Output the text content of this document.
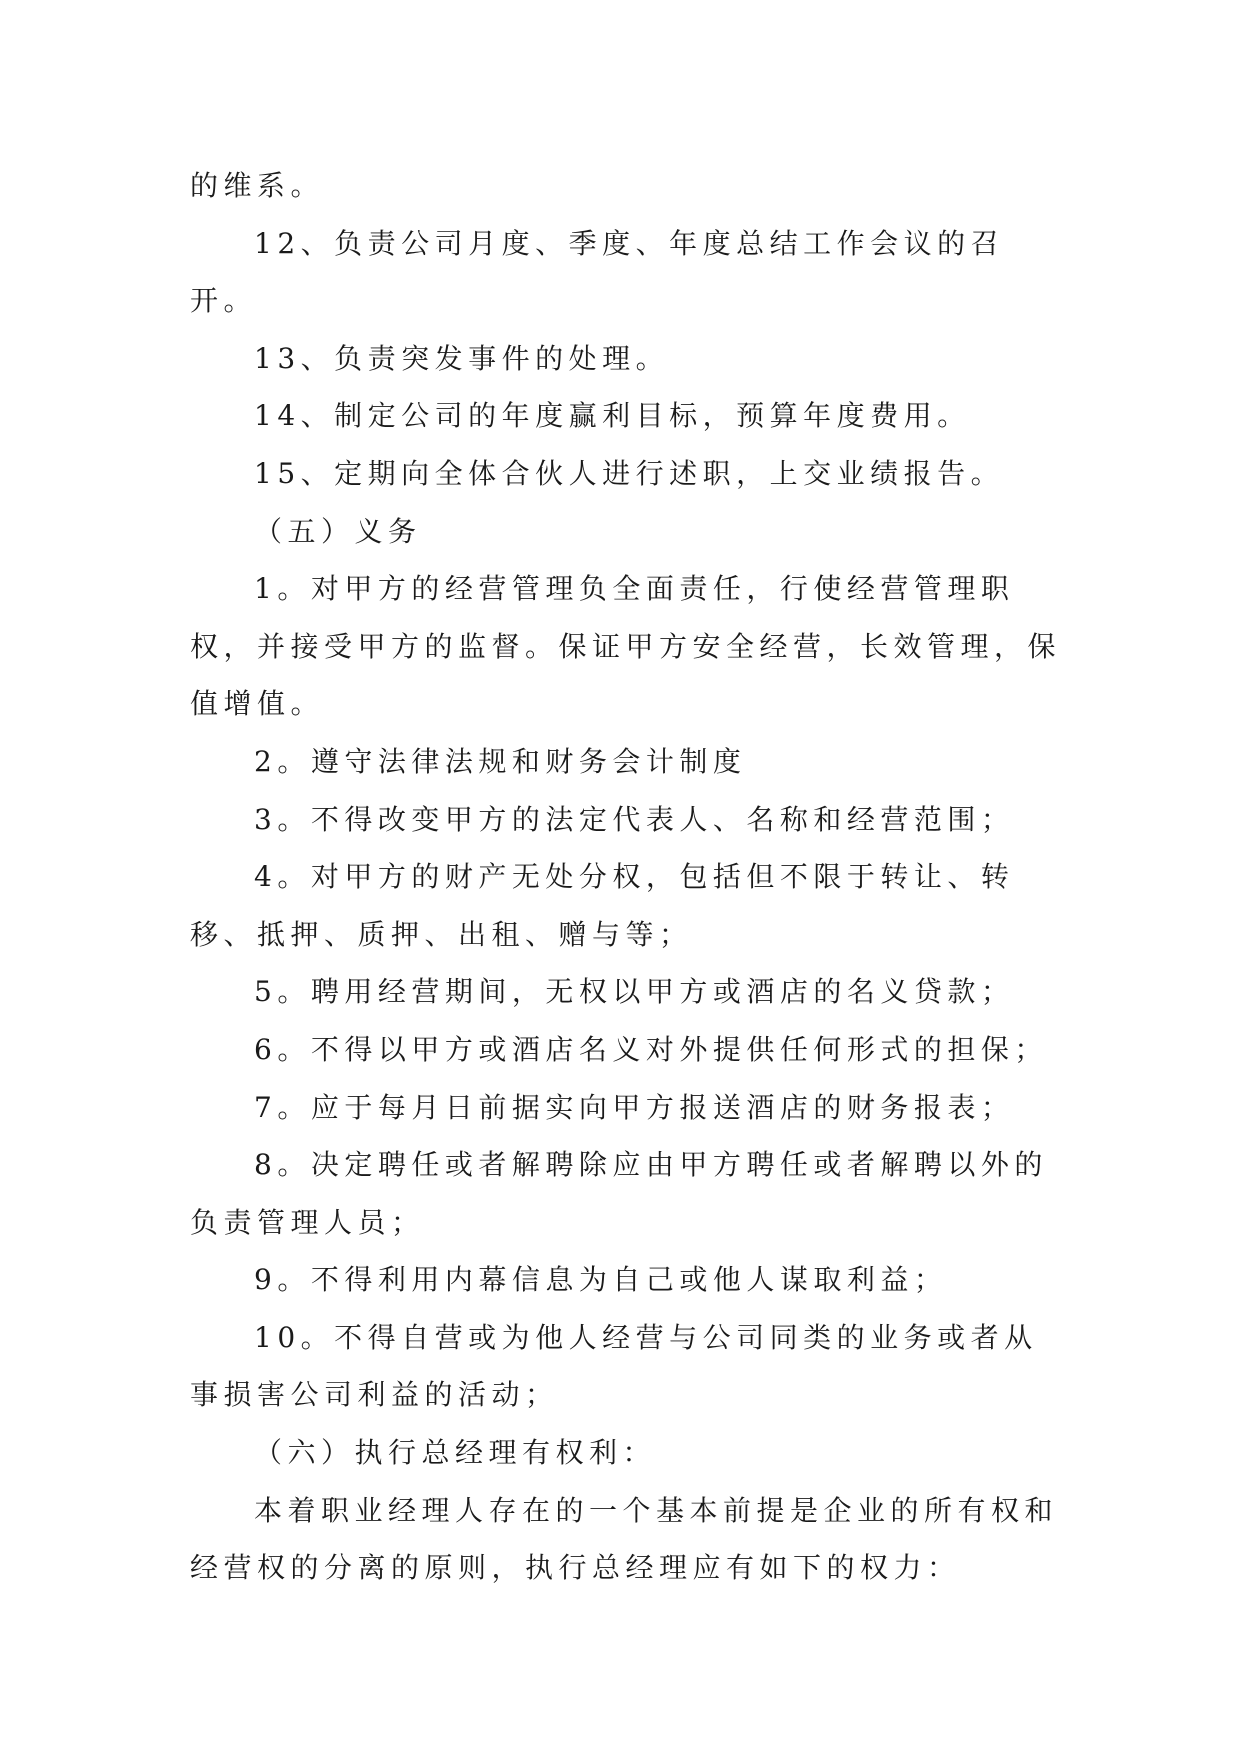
的维系。

12、负责公司月度、季度、年度总结工作会议的召开。

13、负责突发事件的处理。

14、制定公司的年度赢利目标，预算年度费用。

15、定期向全体合伙人进行述职，上交业绩报告。

（五）义务

1。对甲方的经营管理负全面责任，行使经营管理职权，并接受甲方的监督。保证甲方安全经营，长效管理，保值增值。

2。遵守法律法规和财务会计制度

3。不得改变甲方的法定代表人、名称和经营范围；

4。对甲方的财产无处分权，包括但不限于转让、转移、抵押、质押、出租、赠与等；

5。聘用经营期间，无权以甲方或酒店的名义贷款；

6。不得以甲方或酒店名义对外提供任何形式的担保；

7。应于每月日前据实向甲方报送酒店的财务报表；

8。决定聘任或者解聘除应由甲方聘任或者解聘以外的负责管理人员；

9。不得利用内幕信息为自己或他人谋取利益；

10。不得自营或为他人经营与公司同类的业务或者从事损害公司利益的活动；

（六）执行总经理有权利：

本着职业经理人存在的一个基本前提是企业的所有权和经营权的分离的原则，执行总经理应有如下的权力：
